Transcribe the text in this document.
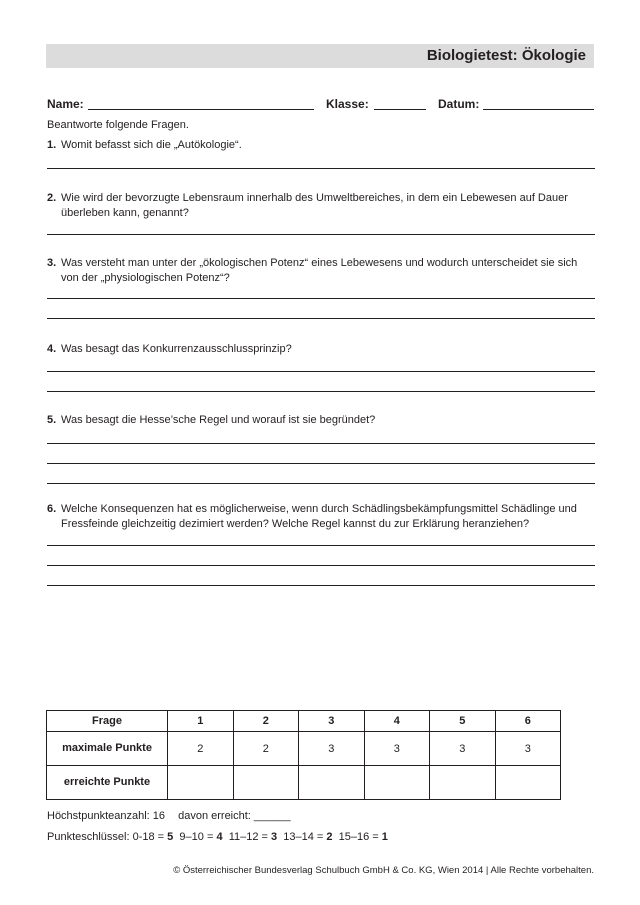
Biologietest: Ökologie
Name:	Klasse:	Datum:
Beantworte folgende Fragen.
1. Womit befasst sich die „Autökologie“.
2. Wie wird der bevorzugte Lebensraum innerhalb des Umweltbereiches, in dem ein Lebewesen auf Dauer überleben kann, genannt?
3. Was versteht man unter der „ökologischen Potenz“ eines Lebewesens und wodurch unterscheidet sie sich von der „physiologischen Potenz“?
4. Was besagt das Konkurrenzausschlussprinzip?
5. Was besagt die Hesse’sche Regel und worauf ist sie begründet?
6. Welche Konsequenzen hat es möglicherweise, wenn durch Schädlingsbekämpfungsmittel Schädlinge und Fressfeinde gleichzeitig dezimiert werden? Welche Regel kannst du zur Erklärung heranziehen?
Frage	1	2	3	4	5	6
maximale Punkte	2	2	3	3	3	3
erreichte Punkte						
Höchstpunkteanzahl: 16 davon erreicht: ______
Punkteschlüssel: 0-18 = 5 9–10 = 4 11–12 = 3 13–14 = 2 15–16 = 1
© Österreichischer Bundesverlag Schulbuch GmbH & Co. KG, Wien 2014 | Alle Rechte vorbehalten.
